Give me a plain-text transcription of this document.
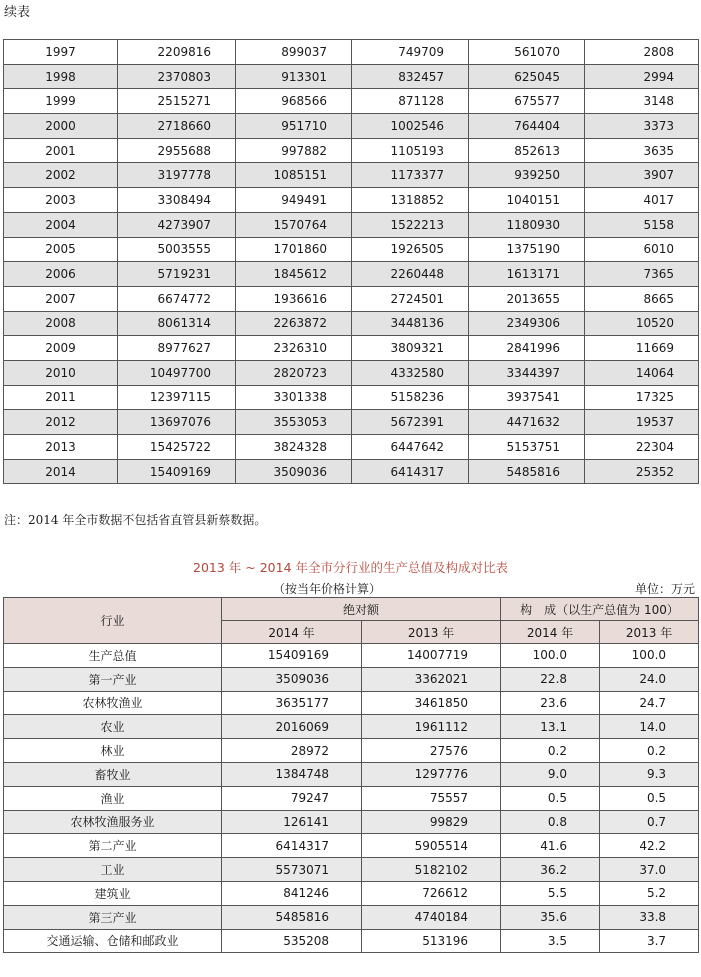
续表
1997	2209816	899037	749709	561070	2808
1998	2370803	913301	832457	625045	2994
1999	2515271	968566	871128	675577	3148
2000	2718660	951710	1002546	764404	3373
2001	2955688	997882	1105193	852613	3635
2002	3197778	1085151	1173377	939250	3907
2003	3308494	949491	1318852	1040151	4017
2004	4273907	1570764	1522213	1180930	5158
2005	5003555	1701860	1926505	1375190	6010
2006	5719231	1845612	2260448	1613171	7365
2007	6674772	1936616	2724501	2013655	8665
2008	8061314	2263872	3448136	2349306	10520
2009	8977627	2326310	3809321	2841996	11669
2010	10497700	2820723	4332580	3344397	14064
2011	12397115	3301338	5158236	3937541	17325
2012	13697076	3553053	5672391	4471632	19537
2013	15425722	3824328	6447642	5153751	22304
2014	15409169	3509036	6414317	5485816	25352
注：2014 年全市数据不包括省直管县新蔡数据。
2013 年 ~ 2014 年全市分行业的生产总值及构成对比表
（按当年价格计算）	单位：万元
行业	绝对额		构　成（以生产总值为 100）	
	2014 年	2013 年	2014 年	2013 年
生产总值	15409169	14007719	100.0	100.0
第一产业	3509036	3362021	22.8	24.0
农林牧渔业	3635177	3461850	23.6	24.7
农业	2016069	1961112	13.1	14.0
林业	28972	27576	0.2	0.2
畜牧业	1384748	1297776	9.0	9.3
渔业	79247	75557	0.5	0.5
农林牧渔服务业	126141	99829	0.8	0.7
第二产业	6414317	5905514	41.6	42.2
工业	5573071	5182102	36.2	37.0
建筑业	841246	726612	5.5	5.2
第三产业	5485816	4740184	35.6	33.8
交通运输、仓储和邮政业	535208	513196	3.5	3.7
